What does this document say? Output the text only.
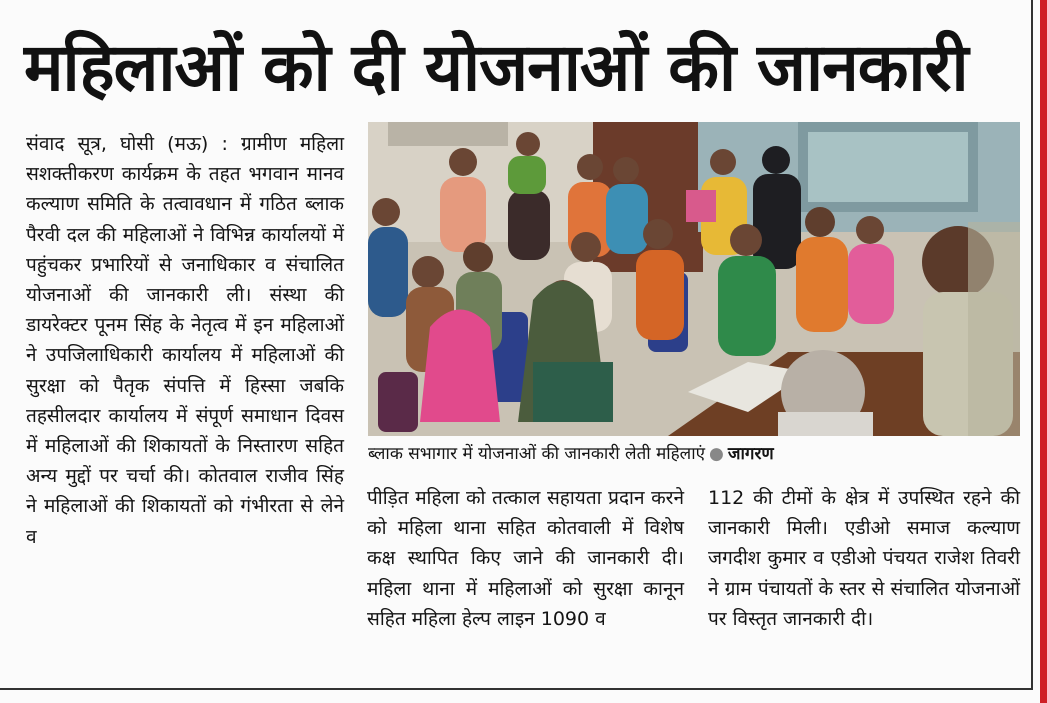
महिलाओं को दी योजनाओं की जानकारी

संवाद सूत्र, घोसी (मऊ) : ग्रामीण महिला सशक्तीकरण कार्यक्रम के तहत भगवान मानव कल्याण समिति के तत्वावधान में गठित ब्लाक पैरवी दल की महिलाओं ने विभिन्न कार्यालयों में पहुंचकर प्रभारियों से जनाधिकार व संचालित योजनाओं की जानकारी ली। संस्था की डायरेक्टर पूनम सिंह के नेतृत्व में इन महिलाओं ने उपजिलाधिकारी कार्यालय में महिलाओं की सुरक्षा को पैतृक संपत्ति में हिस्सा जबकि तहसीलदार कार्यालय में संपूर्ण समाधान दिवस में महिलाओं की शिकायतों के निस्तारण सहित अन्य मुद्दों पर चर्चा की। कोतवाल राजीव सिंह ने महिलाओं की शिकायतों को गंभीरता से लेने व

ब्लाक सभागार में योजनाओं की जानकारी लेती महिलाएं ● जागरण

पीड़ित महिला को तत्काल सहायता प्रदान करने को महिला थाना सहित कोतवाली में विशेष कक्ष स्थापित किए जाने की जानकारी दी। महिला थाना में महिलाओं को सुरक्षा कानून सहित महिला हेल्प लाइन 1090 व

112 की टीमों के क्षेत्र में उपस्थित रहने की जानकारी मिली। एडीओ समाज कल्याण जगदीश कुमार व एडीओ पंचयत राजेश तिवरी ने ग्राम पंचायतों के स्तर से संचालित योजनाओं पर विस्तृत जानकारी दी।
